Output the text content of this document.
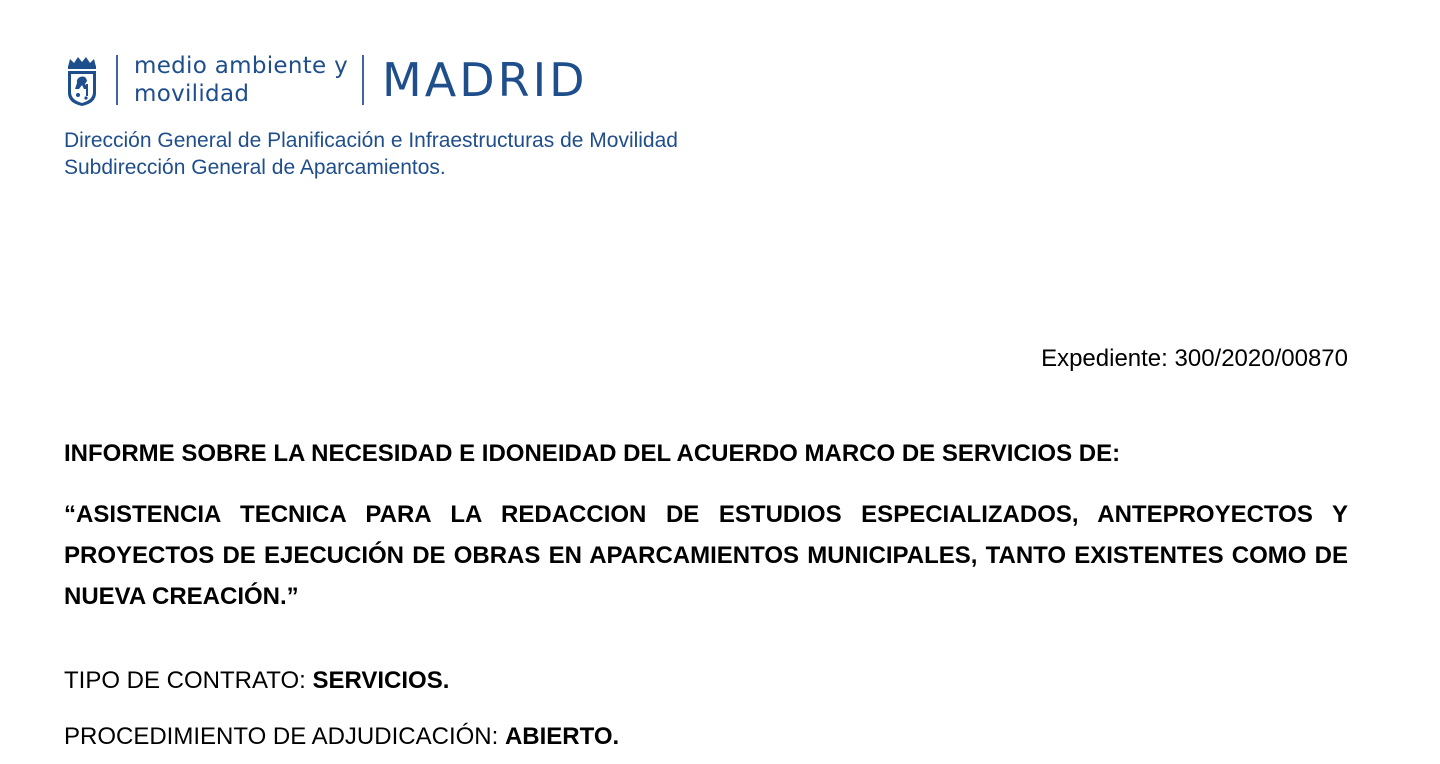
medio ambiente y
movilidad	MADRID
Dirección General de Planificación e Infraestructuras de Movilidad
Subdirección General de Aparcamientos.
Expediente: 300/2020/00870
INFORME SOBRE LA NECESIDAD E IDONEIDAD DEL ACUERDO MARCO DE SERVICIOS DE:
“ASISTENCIA TECNICA PARA LA REDACCION DE ESTUDIOS ESPECIALIZADOS, ANTEPROYECTOS Y PROYECTOS DE EJECUCIÓN DE OBRAS EN APARCAMIENTOS MUNICIPALES, TANTO EXISTENTES COMO DE NUEVA CREACIÓN.”
TIPO DE CONTRATO: SERVICIOS.
PROCEDIMIENTO DE ADJUDICACIÓN: ABIERTO.
